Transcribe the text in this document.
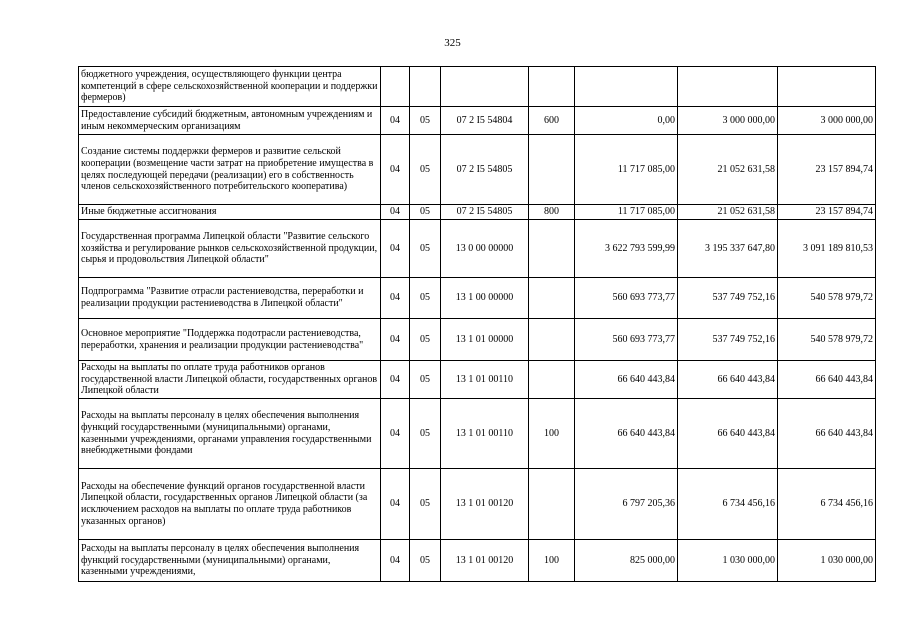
325
бюджетного учреждения, осуществляющего функции центра компетенций в сфере сельскохозяйственной кооперации и поддержки фермеров)							
Предоставление субсидий бюджетным, автономным учреждениям и иным некоммерческим организациям	04	05	07 2 I5 54804	600	0,00	3 000 000,00	3 000 000,00
Создание системы поддержки фермеров и развитие сельской кооперации (возмещение части затрат на приобретение имущества в целях последующей передачи (реализации) его в собственность членов сельскохозяйственного потребительского кооператива)	04	05	07 2 I5 54805		11 717 085,00	21 052 631,58	23 157 894,74
Иные бюджетные ассигнования	04	05	07 2 I5 54805	800	11 717 085,00	21 052 631,58	23 157 894,74
Государственная программа Липецкой области "Развитие сельского хозяйства и регулирование рынков сельскохозяйственной продукции, сырья и продовольствия Липецкой области"	04	05	13 0 00 00000		3 622 793 599,99	3 195 337 647,80	3 091 189 810,53
Подпрограмма "Развитие отрасли растениеводства, переработки и реализации продукции растениеводства в Липецкой области"	04	05	13 1 00 00000		560 693 773,77	537 749 752,16	540 578 979,72
Основное мероприятие "Поддержка подотрасли растениеводства, переработки, хранения и реализации продукции растениеводства"	04	05	13 1 01 00000		560 693 773,77	537 749 752,16	540 578 979,72
Расходы на выплаты по оплате труда работников органов государственной власти Липецкой области, государственных органов Липецкой области	04	05	13 1 01 00110		66 640 443,84	66 640 443,84	66 640 443,84
Расходы на выплаты персоналу в целях обеспечения выполнения функций государственными (муниципальными) органами, казенными учреждениями, органами управления государственными внебюджетными фондами	04	05	13 1 01 00110	100	66 640 443,84	66 640 443,84	66 640 443,84
Расходы на обеспечение функций органов государственной власти Липецкой области, государственных органов Липецкой области (за исключением расходов на выплаты по оплате труда работников указанных органов)	04	05	13 1 01 00120		6 797 205,36	6 734 456,16	6 734 456,16
Расходы на выплаты персоналу в целях обеспечения выполнения функций государственными (муниципальными) органами, казенными учреждениями,	04	05	13 1 01 00120	100	825 000,00	1 030 000,00	1 030 000,00
